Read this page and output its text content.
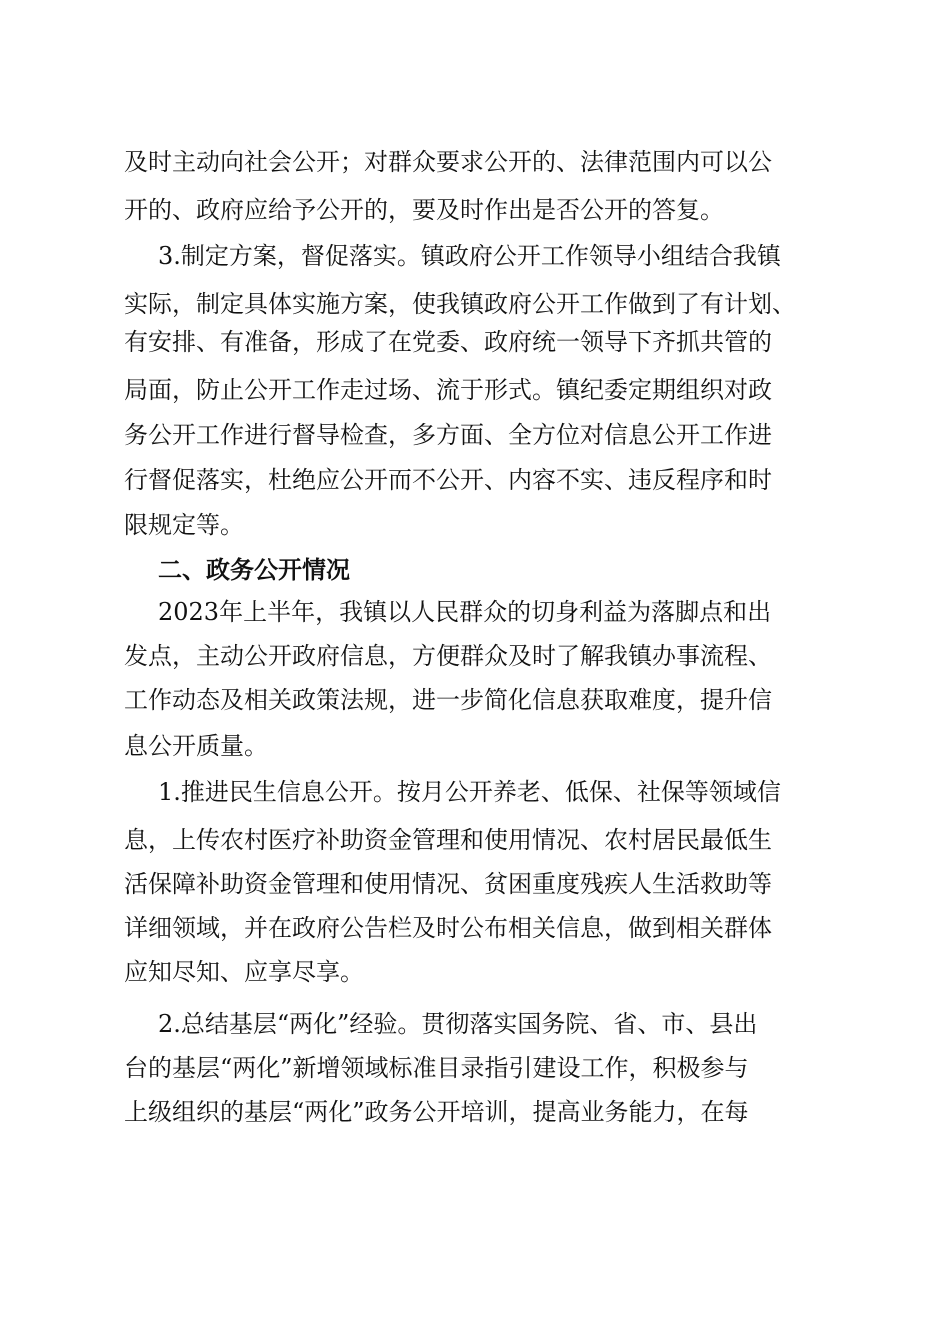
及时主动向社会公开；对群众要求公开的、法律范围内可以公
开的、政府应给予公开的，要及时作出是否公开的答复。
3.制定方案，督促落实。镇政府公开工作领导小组结合我镇
实际，制定具体实施方案，使我镇政府公开工作做到了有计划、
有安排、有准备，形成了在党委、政府统一领导下齐抓共管的
局面，防止公开工作走过场、流于形式。镇纪委定期组织对政
务公开工作进行督导检查，多方面、全方位对信息公开工作进
行督促落实，杜绝应公开而不公开、内容不实、违反程序和时
限规定等。
二、政务公开情况
2023年上半年，我镇以人民群众的切身利益为落脚点和出
发点，主动公开政府信息，方便群众及时了解我镇办事流程、
工作动态及相关政策法规，进一步简化信息获取难度，提升信
息公开质量。
1.推进民生信息公开。按月公开养老、低保、社保等领域信
息，上传农村医疗补助资金管理和使用情况、农村居民最低生
活保障补助资金管理和使用情况、贫困重度残疾人生活救助等
详细领域，并在政府公告栏及时公布相关信息，做到相关群体
应知尽知、应享尽享。
2.总结基层“两化”经验。贯彻落实国务院、省、市、县出
台的基层“两化”新增领域标准目录指引建设工作，积极参与
上级组织的基层“两化”政务公开培训，提高业务能力，在每
